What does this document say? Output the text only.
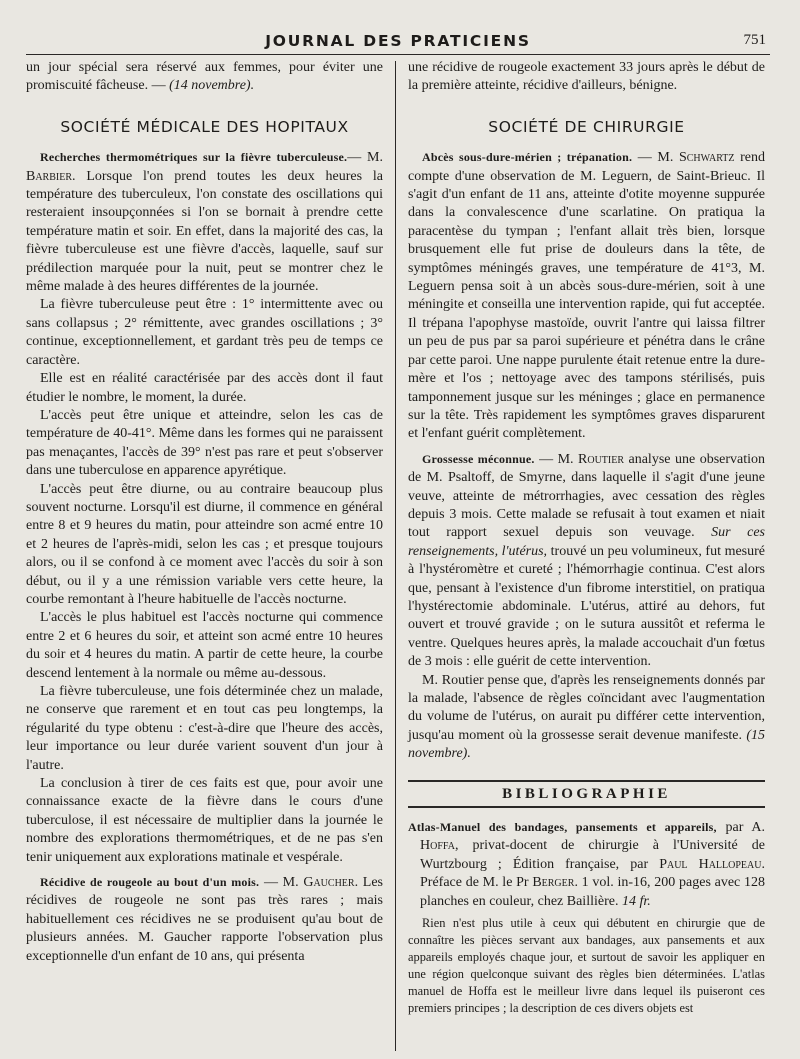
JOURNAL DES PRATICIENS	751

un jour spécial sera réservé aux femmes, pour éviter une promiscuité fâcheuse. — (14 novembre).

SOCIÉTÉ MÉDICALE DES HOPITAUX

Recherches thermométriques sur la fièvre tuberculeuse.— M. Barbier. Lorsque l'on prend toutes les deux heures la température des tuberculeux, l'on constate des oscillations qui resteraient insoupçonnées si l'on se bornait à prendre cette température matin et soir. En effet, dans la majorité des cas, la fièvre tuberculeuse est une fièvre d'accès, laquelle, sauf sur prédilection marquée pour la nuit, peut se montrer chez le même malade à des heures différentes de la journée.

La fièvre tuberculeuse peut être : 1° intermittente avec ou sans collapsus ; 2° rémittente, avec grandes oscillations ; 3° continue, exceptionnellement, et gardant très peu de temps ce caractère.

Elle est en réalité caractérisée par des accès dont il faut étudier le nombre, le moment, la durée.

L'accès peut être unique et atteindre, selon les cas de température de 40-41°. Même dans les formes qui ne paraissent pas menaçantes, l'accès de 39° n'est pas rare et peut s'observer dans une tuberculose en apparence apyrétique.

L'accès peut être diurne, ou au contraire beaucoup plus souvent nocturne. Lorsqu'il est diurne, il commence en général entre 8 et 9 heures du matin, pour atteindre son acmé entre 10 et 2 heures de l'après-midi, selon les cas ; et presque toujours alors, ou il se confond à ce moment avec l'accès du soir à son début, ou il y a une rémission variable vers cette heure, la courbe remontant à l'heure habituelle de l'accès nocturne.

L'accès le plus habituel est l'accès nocturne qui commence entre 2 et 6 heures du soir, et atteint son acmé entre 10 heures du soir et 4 heures du matin. A partir de cette heure, la courbe descend lentement à la normale ou même au-dessous.

La fièvre tuberculeuse, une fois déterminée chez un malade, ne conserve que rarement et en tout cas peu longtemps, la régularité du type obtenu : c'est-à-dire que l'heure des accès, leur importance ou leur durée varient souvent d'un jour à l'autre.

La conclusion à tirer de ces faits est que, pour avoir une connaissance exacte de la fièvre dans le cours d'une tuberculose, il est nécessaire de multiplier dans la journée le nombre des explorations thermométriques, et de ne pas s'en tenir uniquement aux explorations matinale et vespérale.

Récidive de rougeole au bout d'un mois. — M. Gaucher. Les récidives de rougeole ne sont pas très rares ; mais habituellement ces récidives ne se produisent qu'au bout de plusieurs années. M. Gaucher rapporte l'observation plus exceptionnelle d'un enfant de 10 ans, qui présenta

une récidive de rougeole exactement 33 jours après le début de la première atteinte, récidive d'ailleurs, bénigne.

SOCIÉTÉ DE CHIRURGIE

Abcès sous-dure-mérien ; trépanation. — M. Schwartz rend compte d'une observation de M. Leguern, de Saint-Brieuc. Il s'agit d'un enfant de 11 ans, atteinte d'otite moyenne suppurée dans la convalescence d'une scarlatine. On pratiqua la paracentèse du tympan ; l'enfant allait très bien, lorsque brusquement elle fut prise de douleurs dans la tête, de symptômes méningés graves, une température de 41°3, M. Leguern pensa soit à un abcès sous-dure-mérien, soit à une méningite et conseilla une intervention rapide, qui fut acceptée. Il trépana l'apophyse mastoïde, ouvrit l'antre qui laissa filtrer un peu de pus par sa paroi supérieure et pénétra dans le crâne par cette paroi. Une nappe purulente était retenue entre la dure-mère et l'os ; nettoyage avec des tampons stérilisés, puis tamponnement jusque sur les méninges ; glace en permanence sur la tête. Très rapidement les symptômes graves disparurent et l'enfant guérit complètement.

Grossesse méconnue. — M. Routier analyse une observation de M. Psaltoff, de Smyrne, dans laquelle il s'agit d'une jeune veuve, atteinte de métrorrhagies, avec cessation des règles depuis 3 mois. Cette malade se refusait à tout examen et niait tout rapport sexuel depuis son veuvage. Sur ces renseignements, l'utérus, trouvé un peu volumineux, fut mesuré à l'hystéromètre et cureté ; l'hémorrhagie continua. C'est alors que, pensant à l'existence d'un fibrome interstitiel, on pratiqua l'hystérectomie abdominale. L'utérus, attiré au dehors, fut ouvert et trouvé gravide ; on le sutura aussitôt et referma le ventre. Quelques heures après, la malade accouchait d'un fœtus de 3 mois : elle guérit de cette intervention.

M. Routier pense que, d'après les renseignements donnés par la malade, l'absence de règles coïncidant avec l'augmentation du volume de l'utérus, on aurait pu différer cette intervention, jusqu'au moment où la grossesse serait devenue manifeste. (15 novembre).

BIBLIOGRAPHIE

Atlas-Manuel des bandages, pansements et appareils, par A. Hoffa, privat-docent de chirurgie à l'Université de Wurtzbourg ; Édition française, par Paul Hallopeau. Préface de M. le Pr Berger. 1 vol. in-16, 200 pages avec 128 planches en couleur, chez Baillière. 14 fr.

Rien n'est plus utile à ceux qui débutent en chirurgie que de connaître les pièces servant aux bandages, aux pansements et aux appareils employés chaque jour, et surtout de savoir les appliquer en une région quelconque suivant des règles bien déterminées. L'atlas manuel de Hoffa est le meilleur livre dans lequel ils puiseront ces premiers principes ; la description de ces divers objets est
